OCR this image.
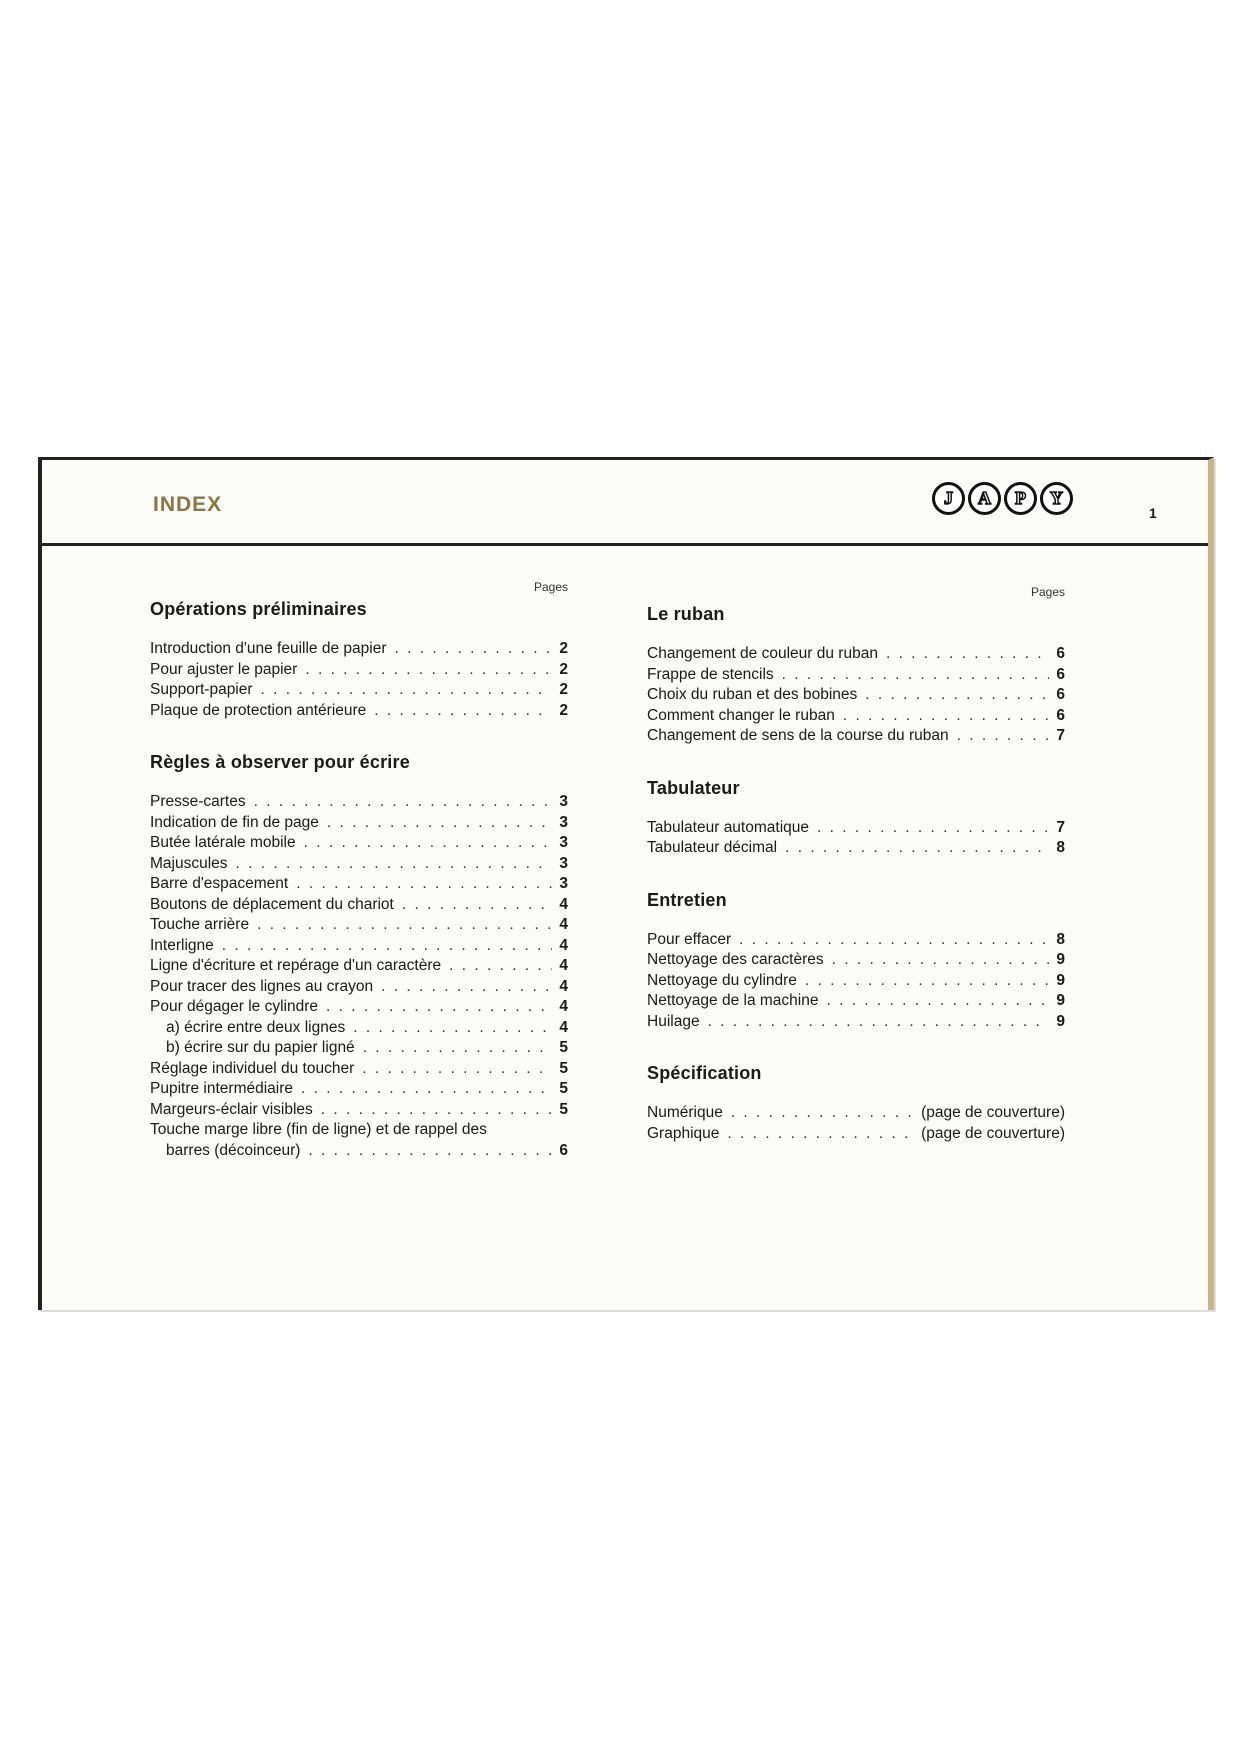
INDEX	J	A	P	Y
1
Pages
Opérations préliminaires
Introduction d'une feuille de papier . . .	2
Pour ajuster le papier . . .	2
Support-papier . . .	2
Plaque de protection antérieure . . .	2
Règles à observer pour écrire
Presse-cartes . . .	3
Indication de fin de page . . .	3
Butée latérale mobile . . .	3
Majuscules . . .	3
Barre d'espacement . . .	3
Boutons de déplacement du chariot . . .	4
Touche arrière . . .	4
Interligne . . .	4
Ligne d'écriture et repérage d'un caractère . . .	4
Pour tracer des lignes au crayon . . .	4
Pour dégager le cylindre . . .	4
a) écrire entre deux lignes . . .	4
b) écrire sur du papier ligné . . .	5
Réglage individuel du toucher . . .	5
Pupitre intermédiaire . . .	5
Margeurs-éclair visibles . . .	5
Touche marge libre (fin de ligne) et de rappel des
barres (décoinceur) . . .	6
Pages
Le ruban
Changement de couleur du ruban . . .	6
Frappe de stencils . . .	6
Choix du ruban et des bobines . . .	6
Comment changer le ruban . . .	6
Changement de sens de la course du ruban . . .	7
Tabulateur
Tabulateur automatique . . .	7
Tabulateur décimal . . .	8
Entretien
Pour effacer . . .	8
Nettoyage des caractères . . .	9
Nettoyage du cylindre . . .	9
Nettoyage de la machine . . .	9
Huilage . . .	9
Spécification
Numérique . . .	(page de couverture)
Graphique . . .	(page de couverture)
